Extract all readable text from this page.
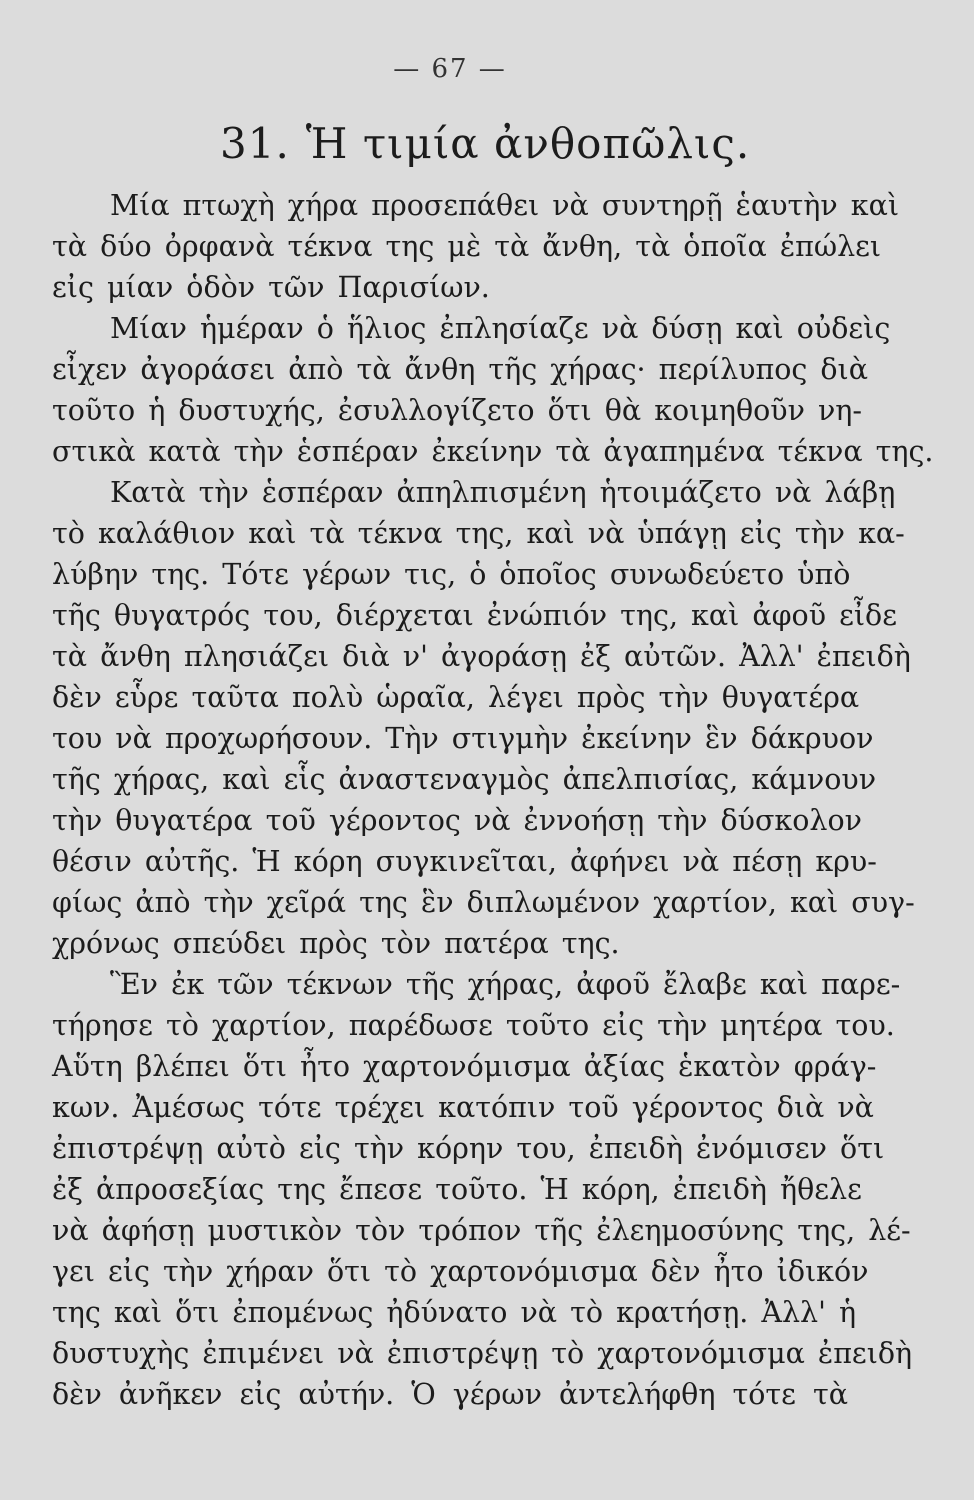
— 67 —
31. Ἡ τιμία ἀνθοπῶλις.
Μία πτωχὴ χήρα προσεπάθει νὰ συντηρῇ ἑαυτὴν καὶ
τὰ δύο ὀρφανὰ τέκνα της μὲ τὰ ἄνθη, τὰ ὁποῖα ἐπώλει
εἰς μίαν ὁδὸν τῶν Παρισίων.
Μίαν ἡμέραν ὁ ἥλιος ἐπλησίαζε νὰ δύσῃ καὶ οὐδεὶς
εἶχεν ἀγοράσει ἀπὸ τὰ ἄνθη τῆς χήρας· περίλυπος διὰ
τοῦτο ἡ δυστυχής, ἐσυλλογίζετο ὅτι θὰ κοιμηθοῦν νη-
στικὰ κατὰ τὴν ἑσπέραν ἐκείνην τὰ ἀγαπημένα τέκνα της.
Κατὰ τὴν ἑσπέραν ἀπηλπισμένη ἡτοιμάζετο νὰ λάβῃ
τὸ καλάθιον καὶ τὰ τέκνα της, καὶ νὰ ὑπάγῃ εἰς τὴν κα-
λύβην της. Τότε γέρων τις, ὁ ὁποῖος συνωδεύετο ὑπὸ
τῆς θυγατρός του, διέρχεται ἐνώπιόν της, καὶ ἀφοῦ εἶδε
τὰ ἄνθη πλησιάζει διὰ ν' ἀγοράσῃ ἐξ αὐτῶν. Ἀλλ' ἐπειδὴ
δὲν εὗρε ταῦτα πολὺ ὡραῖα, λέγει πρὸς τὴν θυγατέρα
του νὰ προχωρήσουν. Τὴν στιγμὴν ἐκείνην ἓν δάκρυον
τῆς χήρας, καὶ εἷς ἀναστεναγμὸς ἀπελπισίας, κάμνουν
τὴν θυγατέρα τοῦ γέροντος νὰ ἐννοήσῃ τὴν δύσκολον
θέσιν αὐτῆς. Ἡ κόρη συγκινεῖται, ἀφήνει νὰ πέσῃ κρυ-
φίως ἀπὸ τὴν χεῖρά της ἓν διπλωμένον χαρτίον, καὶ συγ-
χρόνως σπεύδει πρὸς τὸν πατέρα της.
Ἓν ἐκ τῶν τέκνων τῆς χήρας, ἀφοῦ ἔλαβε καὶ παρε-
τήρησε τὸ χαρτίον, παρέδωσε τοῦτο εἰς τὴν μητέρα του.
Αὕτη βλέπει ὅτι ἦτο χαρτονόμισμα ἀξίας ἑκατὸν φράγ-
κων. Ἀμέσως τότε τρέχει κατόπιν τοῦ γέροντος διὰ νὰ
ἐπιστρέψῃ αὐτὸ εἰς τὴν κόρην του, ἐπειδὴ ἐνόμισεν ὅτι
ἐξ ἀπροσεξίας της ἔπεσε τοῦτο. Ἡ κόρη, ἐπειδὴ ἤθελε
νὰ ἀφήσῃ μυστικὸν τὸν τρόπον τῆς ἐλεημοσύνης της, λέ-
γει εἰς τὴν χήραν ὅτι τὸ χαρτονόμισμα δὲν ἦτο ἰδικόν
της καὶ ὅτι ἐπομένως ἠδύνατο νὰ τὸ κρατήσῃ. Ἀλλ' ἡ
δυστυχὴς ἐπιμένει νὰ ἐπιστρέψῃ τὸ χαρτονόμισμα ἐπειδὴ
δὲν ἀνῆκεν εἰς αὐτήν. Ὁ γέρων ἀντελήφθη τότε τὰ
